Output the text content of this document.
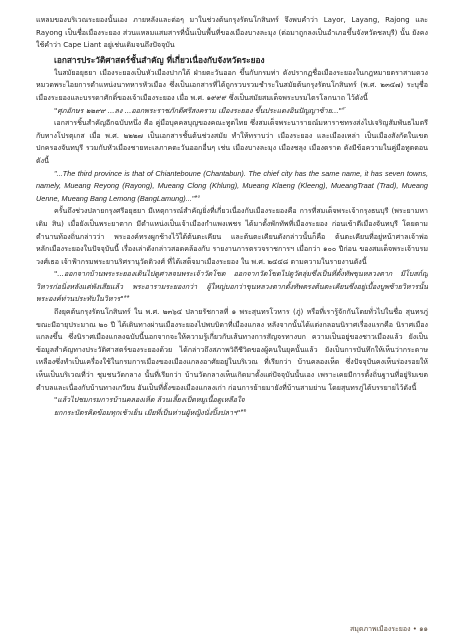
แหลมของบริเวณระยองนั้นเอง ภายหลังและต่อๆ มาในช่วงต้นกรุงรัตนโกสินทร์ จึงพบคำว่า Layor, Layang, Rajong และ Rayong เป็นชื่อเมืองระยอง ส่วนแหลมแสมสารที่นั้นเป็นพื้นที่ของเมืองบางละมุง (ต่อมาถูกลงเป็นอำเภอขึ้นจังหวัดชลบุรี) นั้น ยังคงใช้คำว่า Cape Liant อยู่เช่นเดิมจนถึงปัจจุบัน

เอกสารประวัติศาสตร์ชั้นสำคัญ ที่เกี่ยวเนื่องกับจังหวัดระยอง

ในสมัยอยุธยา เมืองระยองเป็นหัวเมืองปากใต้ ฝ่ายตะวันออก ขึ้นกับกรมท่า ดังปรากฏชื่อเมืองระยองในกฎหมายตราสามดวง หมวดพระไอยการตำแหน่งนาทหารหัวเมือง ซึ่งเป็นเอกสารที่ได้ถูกรวบรวมชำระในสมัยต้นกรุงรัตนโกสินทร์ (พ.ศ. ๒๓๔๗) ระบุชื่อเมืองระยองและบรรดาศักดิ์ของเจ้าเมืองระยอง เมื่อ พ.ศ. ๑๙๙๙ ซึ่งเป็นสมัยสมเด็จพระบรมไตรโลกนาถ ไว้ดังนี้

"ศุภอักษร ๒๒๙๙ ...ลง ...ออกพระราชภักดีศรีสงคราม เมืองระยอง ขึ้นประแดงอินปัญญาซ้าย..."$^๙$

เอกสารชิ้นสำคัญอีกฉบับหนึ่ง คือ คู่มือบุคคลบุญของคณะทูตไทย ซึ่งสมเด็จพระนารายณ์มหาราชทรงส่งไปเจริญสัมพันธไมตรีกับทางโปรตุเกส เมื่อ พ.ศ. ๒๒๒๗ เป็นเอกสารชั้นต้นช่วงสมัย ทำให้ทราบว่า เมืองระยอง และเมืองเหล่า เป็นเมืองสังกัดในเขตปกครองจันทบุรี รวมกับหัวเมืองชายทะเลภาคตะวันออกอื่นๆ เช่น เมืองบางละมุง เมืองชลุง เมืองตราด ดังมีข้อความในคู่มือทูตตอน ดังนี้

"...The third province is that of Chianteboune (Chantabun). The chief city has the same name, it has seven towns, namely, Mueang Reyong (Rayong), Mueang Clong (Khlung), Mueang Klaeng (Kleeng), MueangTraat (Trad), Mueang Uenne, Mueang Bang Lemong (BangLamung)..."$^{๑๐}$

ครั้นถึงช่วงปลายกรุงศรีอยุธยา มีเหตุการณ์สำคัญยิ่งที่เกี่ยวเนื่องกับเมืองระยองคือ การที่สมเด็จพระเจ้ากรุงธนบุรี (พระยามหาเดิม สิน) เมื่อยังเป็นพระยาตาก มีตำแหน่งเป็นเจ้าเมืองกำแพงเพชร ได้มาตั้งพักทัพที่เมืองระยอง ก่อนเข้าตีเมืองจันทบุรี โดยตามตำนานท้องถิ่นกล่าวว่า พระองค์ทรงผูกช้างไว้ใต้ต้นตะเคียน และต้นตะเคียนดังกล่าวนั้นก็คือ ต้นตะเคียนที่อยู่หน้าศาลเจ้าพ่อหลักเมืองระยองในปัจจุบันนี้ เรื่องเล่าดังกล่าวสอดคล้องกับ รายงานการตรวจราชการฯ เมื่อกว่า ๑๐๐ ปีก่อน ของสมเด็จพระเจ้าบรมวงศ์เธอ เจ้าฟ้ากรมพระยานริศรานุวัดติวงศ์ ที่ได้เสด็จมาเมืองระยอง ใน พ.ศ. ๒๔๔๘ ตามความในรายงานดังนี้

"...ออกจากบ้านพระระยองเดินไปดูศาลจนพระเจ้าวัดโขด ออกจากวัดโขดไปดูวัดลุ่มซึ่งเป็นที่ตั้งทัพขุนหลวงตาก มีโบสถ์ญวิหารก่อนิ่งหลังแต่พังเสียแล้ว พระอารามระยองกว่า ผู้ใหญ่บอกว่าขุนหลวงตากตั้งทัพตรงต้นตะเคียนซึ่งอยู่เบื้องบูพซ้ายวิหารนั้น พระองค์ท่านประทับในวิหาร"$^{๑๑}$

ถึงยุคต้นกรุงรัตนโกสินทร์ ใน พ.ศ. ๒๓๖๔ ปลายรัชกาลที่ ๑ พระสุนทรโวหาร (ภู่) หรือที่เรารู้จักกันโดยทั่วไปในชื่อ สุนทรภู่ ขณะมีอายุประมาณ ๒๐ ปี ได้เดินทางผ่านเมืองระยองไปพบบิดาที่เมืองแกลง หลังจากนั้นได้แต่งกลอนนิราศเรื่องแรกคือ นิราศเมืองแกลงขึ้น ซึ่งนิราศเมืองแกลงฉบับนี้นอกจากจะให้ความรู้เกี่ยวกับเส้นทางการสัญจรทางบก ความเป็นอยู่ของชาวเมืองแล้ว ยังเป็นข้อมูลสำคัญทางประวัติศาสตร์ของระยองด้วย ได้กล่าวถึงสภาพวิถีชีวิตของผู้คนในยุคนั้นแล้ว ยังเป็นการบันทึกให้เห็นว่ากระดาษเหลืองซึ่งทำเป็นเครื่องใช้ในกรมการเมืองของเมืองแกลงอาศัยอยู่ในบริเวณ ที่เรียกว่า บ้านคลองเห็ด ซึ่งปัจจุบันคงเห็นร่องรอยให้เห็นเป็นบริเวณที่ว่า ชุมชนวัดกลาง นั้นที่เรียกว่า บ้านวัดกลางเห็นเกิดมาตั้งแต่ปัจจุบันนั้นเอง เพราะเคยมีการตั้งถิ่นฐานที่อยู่ริมเขตตำบลและเนื่องกับบ้านทางเกวียน อันเป็นที่ตั้งของเมืองแกลงเก่า ก่อนการย้ายมายังที่บ้านสามย่าน โดยสุนทรภู่ได้บรรยายไว้ดังนี้

"แล้วไปชมกรมการบ้านคลองเห็ด ล้วนเลี้ยงเป็ดหมูเนื้อดูเหลือใจ

ยกกระบัตรคิดข้อมทุกเช้าเย็น เมียที่เป็นท่านผู้หญิงนั่งปิ้งปลาฯ"$^{๑๒}$

สมุดภาพเมืองระยอง • ๑๑
